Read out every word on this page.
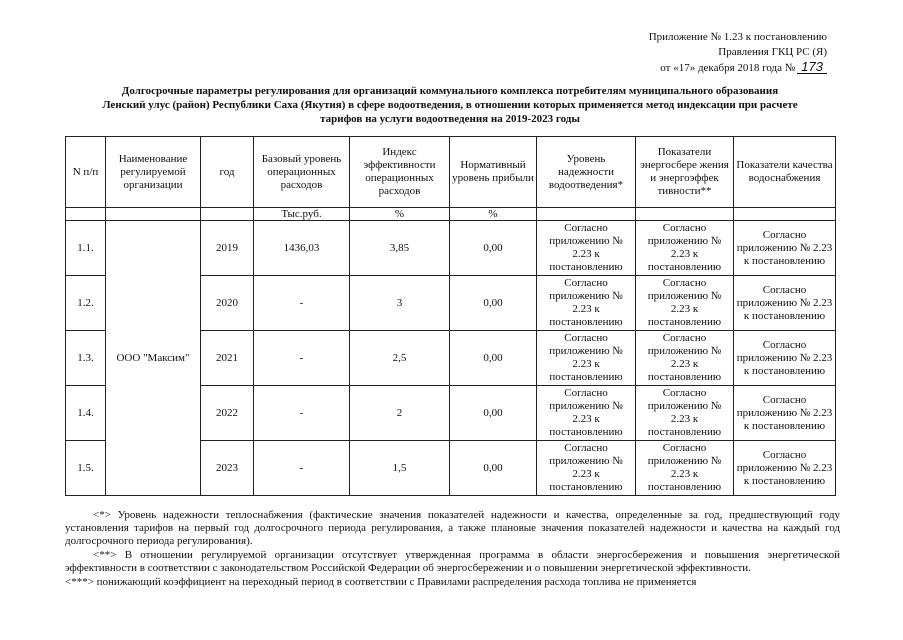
Приложение № 1.23 к постановлению
Правления ГКЦ РС (Я)
от «17» декабря 2018 года № 173
Долгосрочные параметры регулирования для организаций коммунального комплекса потребителям муниципального образования
Ленский улус (район) Республики Саха (Якутия) в сфере водоотведения, в отношении которых применяется метод индексации при расчете
тарифов на услуги водоотведения на 2019-2023 годы
N п/п	Наименование регулируемой организации	год	Базовый уровень операционных расходов	Индекс эффективности операционных расходов	Нормативный уровень прибыли	Уровень надежности водоотведения*	Показатели энергосбере жения и энергоэффек тивности**	Показатели качества водоснабжения
			Тыс.руб.	%	%			
1.1.	ООО "Максим"	2019	1436,03	3,85	0,00	Согласно приложению № 2.23 к постановлению	Согласно приложению № 2.23 к постановлению	Согласно приложению № 2.23 к постановлению
1.2.		2020	-	3	0,00	Согласно приложению № 2.23 к постановлению	Согласно приложению № 2.23 к постановлению	Согласно приложению № 2.23 к постановлению
1.3.		2021	-	2,5	0,00	Согласно приложению № 2.23 к постановлению	Согласно приложению № 2.23 к постановлению	Согласно приложению № 2.23 к постановлению
1.4.		2022	-	2	0,00	Согласно приложению № 2.23 к постановлению	Согласно приложению № 2.23 к постановлению	Согласно приложению № 2.23 к постановлению
1.5.		2023	-	1,5	0,00	Согласно приложению № 2.23 к постановлению	Согласно приложению № 2.23 к постановлению	Согласно приложению № 2.23 к постановлению

<*> Уровень надежности теплоснабжения (фактические значения показателей надежности и качества, определенные за год, предшествующий году установления тарифов на первый год долгосрочного периода регулирования, а также плановые значения показателей надежности и качества на каждый год долгосрочного периода регулирования).

<**> В отношении регулируемой организации отсутствует утвержденная программа в области энергосбережения и повышения энергетической эффективности в соответствии с законодательством Российской Федерации об энергосбережении и о повышении энергетической эффективности.

<***> понижающий коэффициент на переходный период в соответствии с Правилами распределения расхода топлива не применяется
